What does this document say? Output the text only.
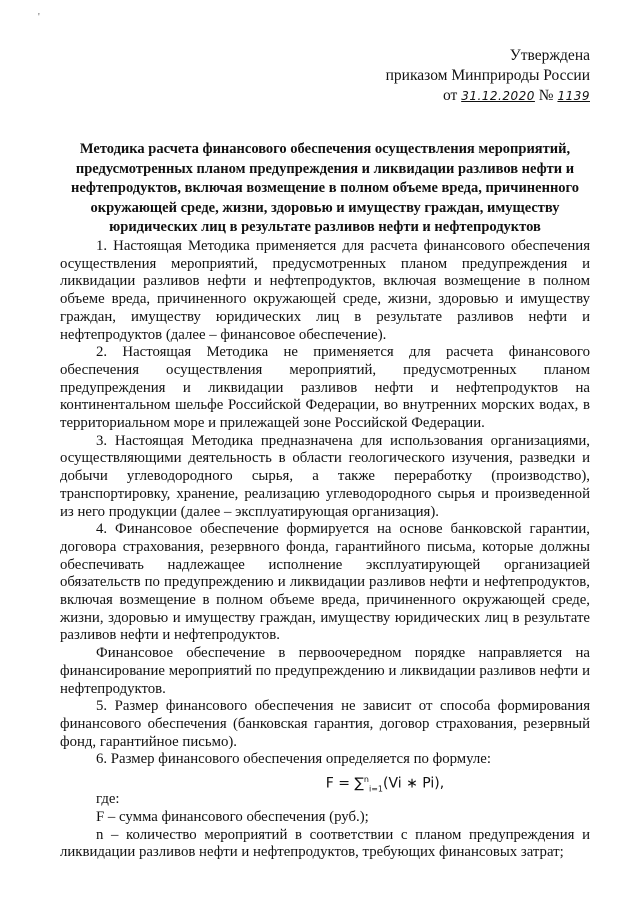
'
Утверждена
приказом Минприроды России
от 31.12.2020 № 1139
Методика расчета финансового обеспечения осуществления мероприятий, предусмотренных планом предупреждения и ликвидации разливов нефти и нефтепродуктов, включая возмещение в полном объеме вреда, причиненного окружающей среде, жизни, здоровью и имуществу граждан, имуществу юридических лиц в результате разливов нефти и нефтепродуктов

1. Настоящая Методика применяется для расчета финансового обеспечения осуществления мероприятий, предусмотренных планом предупреждения и ликвидации разливов нефти и нефтепродуктов, включая возмещение в полном объеме вреда, причиненного окружающей среде, жизни, здоровью и имуществу граждан, имуществу юридических лиц в результате разливов нефти и нефтепродуктов (далее – финансовое обеспечение).

2. Настоящая Методика не применяется для расчета финансового обеспечения осуществления мероприятий, предусмотренных планом предупреждения и ликвидации разливов нефти и нефтепродуктов на континентальном шельфе Российской Федерации, во внутренних морских водах, в территориальном море и прилежащей зоне Российской Федерации.

3. Настоящая Методика предназначена для использования организациями, осуществляющими деятельность в области геологического изучения, разведки и добычи углеводородного сырья, а также переработку (производство), транспортировку, хранение, реализацию углеводородного сырья и произведенной из него продукции (далее – эксплуатирующая организация).

4. Финансовое обеспечение формируется на основе банковской гарантии, договора страхования, резервного фонда, гарантийного письма, которые должны обеспечивать надлежащее исполнение эксплуатирующей организацией обязательств по предупреждению и ликвидации разливов нефти и нефтепродуктов, включая возмещение в полном объеме вреда, причиненного окружающей среде, жизни, здоровью и имуществу граждан, имуществу юридических лиц в результате разливов нефти и нефтепродуктов.

Финансовое обеспечение в первоочередном порядке направляется на финансирование мероприятий по предупреждению и ликвидации разливов нефти и нефтепродуктов.

5. Размер финансового обеспечения не зависит от способа формирования финансового обеспечения (банковская гарантия, договор страхования, резервный фонд, гарантийное письмо).

6. Размер финансового обеспечения определяется по формуле:

F = ∑$^n_{i=1}$(Vi ∗ Pi),

где:

F – сумма финансового обеспечения (руб.);

n – количество мероприятий в соответствии с планом предупреждения и ликвидации разливов нефти и нефтепродуктов, требующих финансовых затрат;
